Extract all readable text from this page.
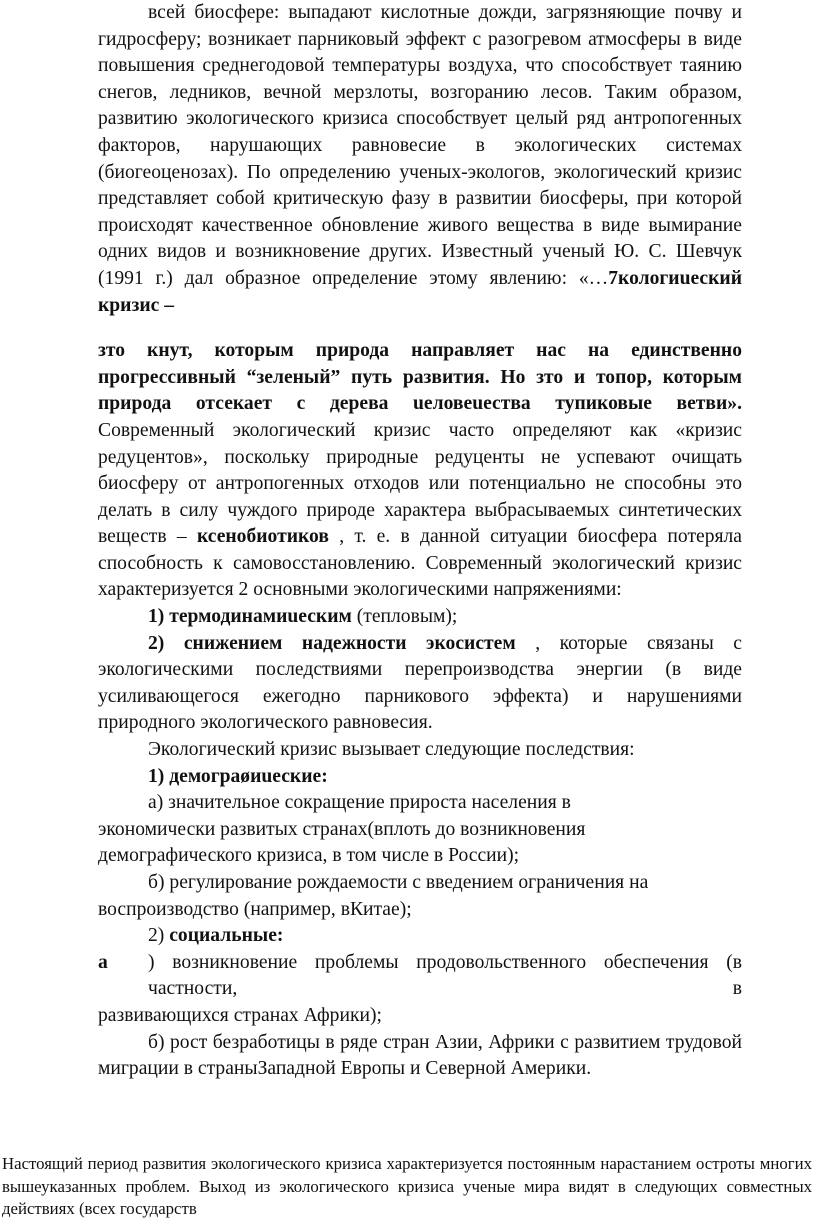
всей биосфере: выпадают кислотные дожди, загрязняющие почву и гидросферу; возникает парниковый эффект с разогревом атмосферы в виде повышения среднегодовой температуры воздуха, что способствует таянию снегов, ледников, вечной мерзлоты, возгоранию лесов. Таким образом, развитию экологического кризиса способствует целый ряд антропогенных факторов, нарушающих равновесие в экологических системах (биогеоценозах). По определению ученых-экологов, экологический кризис представляет собой критическую фазу в развитии биосферы, при которой происходят качественное обновление живого вещества в виде вымирание одних видов и возникновение других. Известный ученый Ю. С. Шевчук (1991 г.) дал образное определение этому явлению: «…7кологиuеский кризис –

зто кнут, которым природа направляет нас на единственно прогрессивный “зеленый” путь развития. Но зто и топор, которым природа отсекает с дерева uеловеuества тупиковые ветви». Современный экологический кризис часто определяют как «кризис редуцентов», поскольку природные редуценты не успевают очищать биосферу от антропогенных отходов или потенциально не способны это делать в силу чуждого природе характера выбрасываемых синтетических веществ – ксенобиотиков , т. е. в данной ситуации биосфера потеряла способность к самовосстановлению. Современный экологический кризис характеризуется 2 основными экологическими напряжениями:

1) термодинамиuеским (тепловым);

2) снижением надежности экосистем , которые связаны с экологическими последствиями перепроизводства энергии (в виде усиливающегося ежегодно парникового эффекта) и нарушениями природного экологического равновесия.

Экологический кризис вызывает следующие последствия:

1) демограøиuеские:

а) значительное сокращение прироста населения в экономически развитых странах(вплоть до возникновения демографического кризиса, в том числе в России);

б) регулирование рождаемости с введением ограничения на воспроизводство (например, вКитае);

2) социальные:

а	) возникновение проблемы продовольственного обеспечения (в частности, в

развивающихся странах Африки);

б) рост безработицы в ряде стран Азии, Африки с развитием трудовой миграции в страныЗападной Европы и Северной Америки.

Настоящий период развития экологического кризиса характеризуется постоянным нарастанием остроты многих вышеуказанных проблем. Выход из экологического кризиса ученые мира видят в следующих совместных действиях (всех государств
